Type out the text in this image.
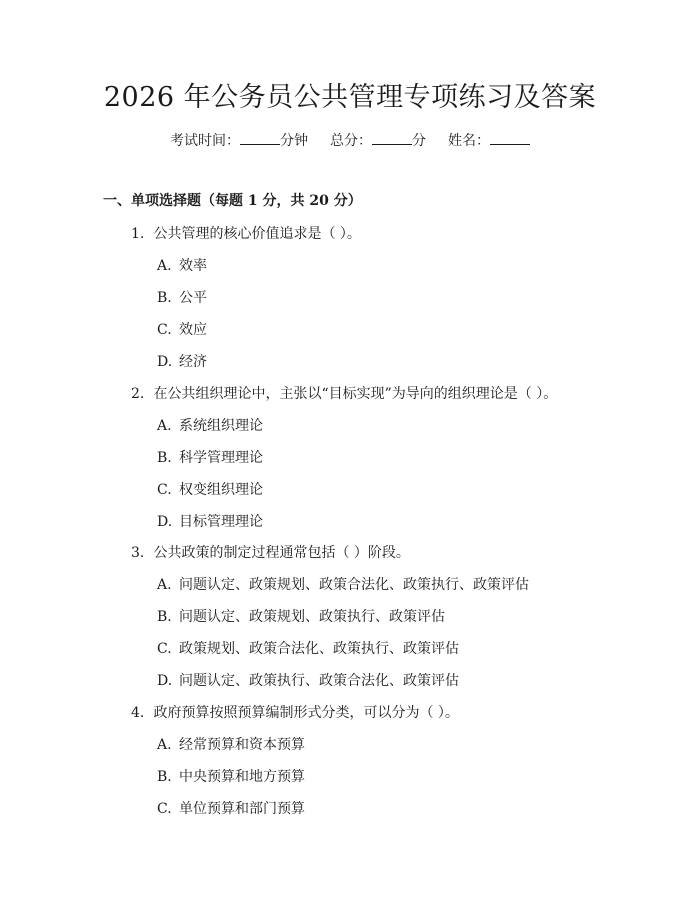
2026 年公务员公共管理专项练习及答案
考试时间：	分钟 总分：	分 姓名：
一、单项选择题（每题 1 分，共 20 分）
1. 公共管理的核心价值追求是（ ）。
A. 效率
B. 公平
C. 效应
D. 经济
2. 在公共组织理论中，主张以“目标实现”为导向的组织理论是（ ）。
A. 系统组织理论
B. 科学管理理论
C. 权变组织理论
D. 目标管理理论
3. 公共政策的制定过程通常包括（ ）阶段。
A. 问题认定、政策规划、政策合法化、政策执行、政策评估
B. 问题认定、政策规划、政策执行、政策评估
C. 政策规划、政策合法化、政策执行、政策评估
D. 问题认定、政策执行、政策合法化、政策评估
4. 政府预算按照预算编制形式分类，可以分为（ ）。
A. 经常预算和资本预算
B. 中央预算和地方预算
C. 单位预算和部门预算
